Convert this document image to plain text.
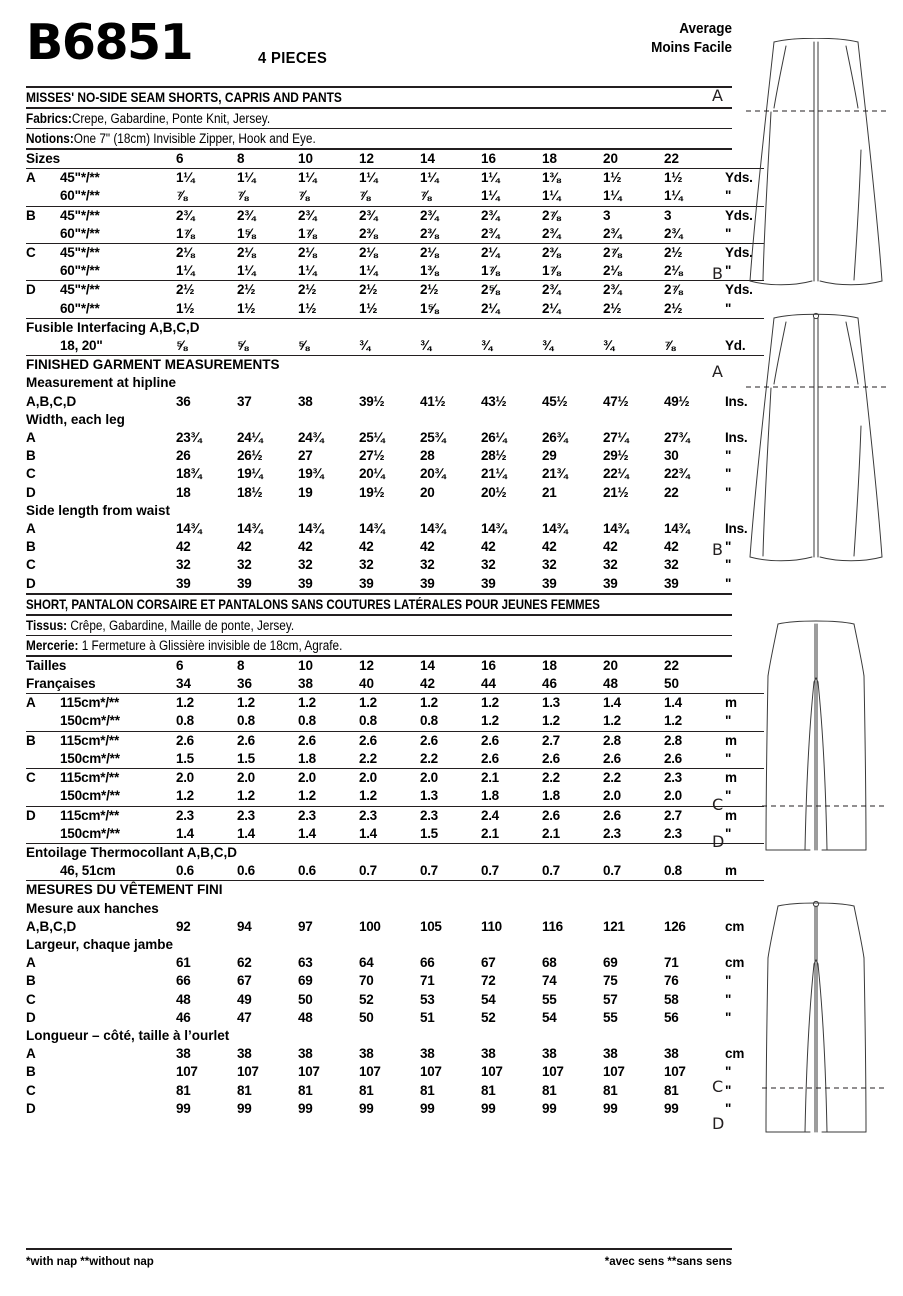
B6851	4 PIECES
Average
Moins Facile
MISSES' NO-SIDE SEAM SHORTS, CAPRIS AND PANTS
Fabrics:Crepe, Gabardine, Ponte Knit, Jersey.
Notions:One 7" (18cm) Invisible Zipper, Hook and Eye.
Sizes		6	8	10	12	14	16	18	20	22	
A	45"*/**	1¼	1¼	1¼	1¼	1¼	1¼	1⅜	1½	1½	Yds.
	60"*/**	⅞	⅞	⅞	⅞	⅞	1¼	1¼	1¼	1¼	"
B	45"*/**	2¾	2¾	2¾	2¾	2¾	2¾	2⅞	3	3	Yds.
	60"*/**	1⅞	1⅝	1⅞	2⅜	2⅜	2¾	2¾	2¾	2¾	"
C	45"*/**	2⅛	2⅛	2⅛	2⅛	2⅛	2¼	2⅜	2⅞	2½	Yds.
	60"*/**	1¼	1¼	1¼	1¼	1⅜	1⅞	1⅞	2⅛	2⅛	"
D	45"*/**	2½	2½	2½	2½	2½	2⅝	2¾	2¾	2⅞	Yds.
	60"*/**	1½	1½	1½	1½	1⅝	2¼	2¼	2½	2½	"
Fusible Interfacing A,B,C,D											
	18, 20"	⅝	⅝	⅝	¾	¾	¾	¾	¾	⅞	Yd.
FINISHED GARMENT MEASUREMENTS											
Measurement at hipline											
A,B,C,D		36	37	38	39½	41½	43½	45½	47½	49½	Ins.
Width, each leg											
A		23¾	24¼	24¾	25¼	25¾	26¼	26¾	27¼	27¾	Ins.
B		26	26½	27	27½	28	28½	29	29½	30	"
C		18¾	19¼	19¾	20¼	20¾	21¼	21¾	22¼	22¾	"
D		18	18½	19	19½	20	20½	21	21½	22	"
Side length from waist											
A		14¾	14¾	14¾	14¾	14¾	14¾	14¾	14¾	14¾	Ins.
B		42	42	42	42	42	42	42	42	42	"
C		32	32	32	32	32	32	32	32	32	"
D		39	39	39	39	39	39	39	39	39	"
SHORT, PANTALON CORSAIRE ET PANTALONS SANS COUTURES LATÉRALES POUR JEUNES FEMMES
Tissus: Crêpe, Gabardine, Maille de ponte, Jersey.
Mercerie: 1 Fermeture à Glissière invisible de 18cm, Agrafe.
Tailles		6	8	10	12	14	16	18	20	22	
Françaises		34	36	38	40	42	44	46	48	50	
A	115cm*/**	1.2	1.2	1.2	1.2	1.2	1.2	1.3	1.4	1.4	m
	150cm*/**	0.8	0.8	0.8	0.8	0.8	1.2	1.2	1.2	1.2	"
B	115cm*/**	2.6	2.6	2.6	2.6	2.6	2.6	2.7	2.8	2.8	m
	150cm*/**	1.5	1.5	1.8	2.2	2.2	2.6	2.6	2.6	2.6	"
C	115cm*/**	2.0	2.0	2.0	2.0	2.0	2.1	2.2	2.2	2.3	m
	150cm*/**	1.2	1.2	1.2	1.2	1.3	1.8	1.8	2.0	2.0	"
D	115cm*/**	2.3	2.3	2.3	2.3	2.3	2.4	2.6	2.6	2.7	m
	150cm*/**	1.4	1.4	1.4	1.4	1.5	2.1	2.1	2.3	2.3	"
Entoilage Thermocollant A,B,C,D											
	46, 51cm	0.6	0.6	0.6	0.7	0.7	0.7	0.7	0.7	0.8	m
MESURES DU VÊTEMENT FINI											
Mesure aux hanches											
A,B,C,D		92	94	97	100	105	110	116	121	126	cm
Largeur, chaque jambe											
A		61	62	63	64	66	67	68	69	71	cm
B		66	67	69	70	71	72	74	75	76	"
C		48	49	50	52	53	54	55	57	58	"
D		46	47	48	50	51	52	54	55	56	"
Longueur – côté, taille à l’ourlet											
A		38	38	38	38	38	38	38	38	38	cm
B		107	107	107	107	107	107	107	107	107	"
C		81	81	81	81	81	81	81	81	81	"
D		99	99	99	99	99	99	99	99	99	"
*with nap **without nap	*avec sens **sans sens
A
B
A
B
C
D
C
D
